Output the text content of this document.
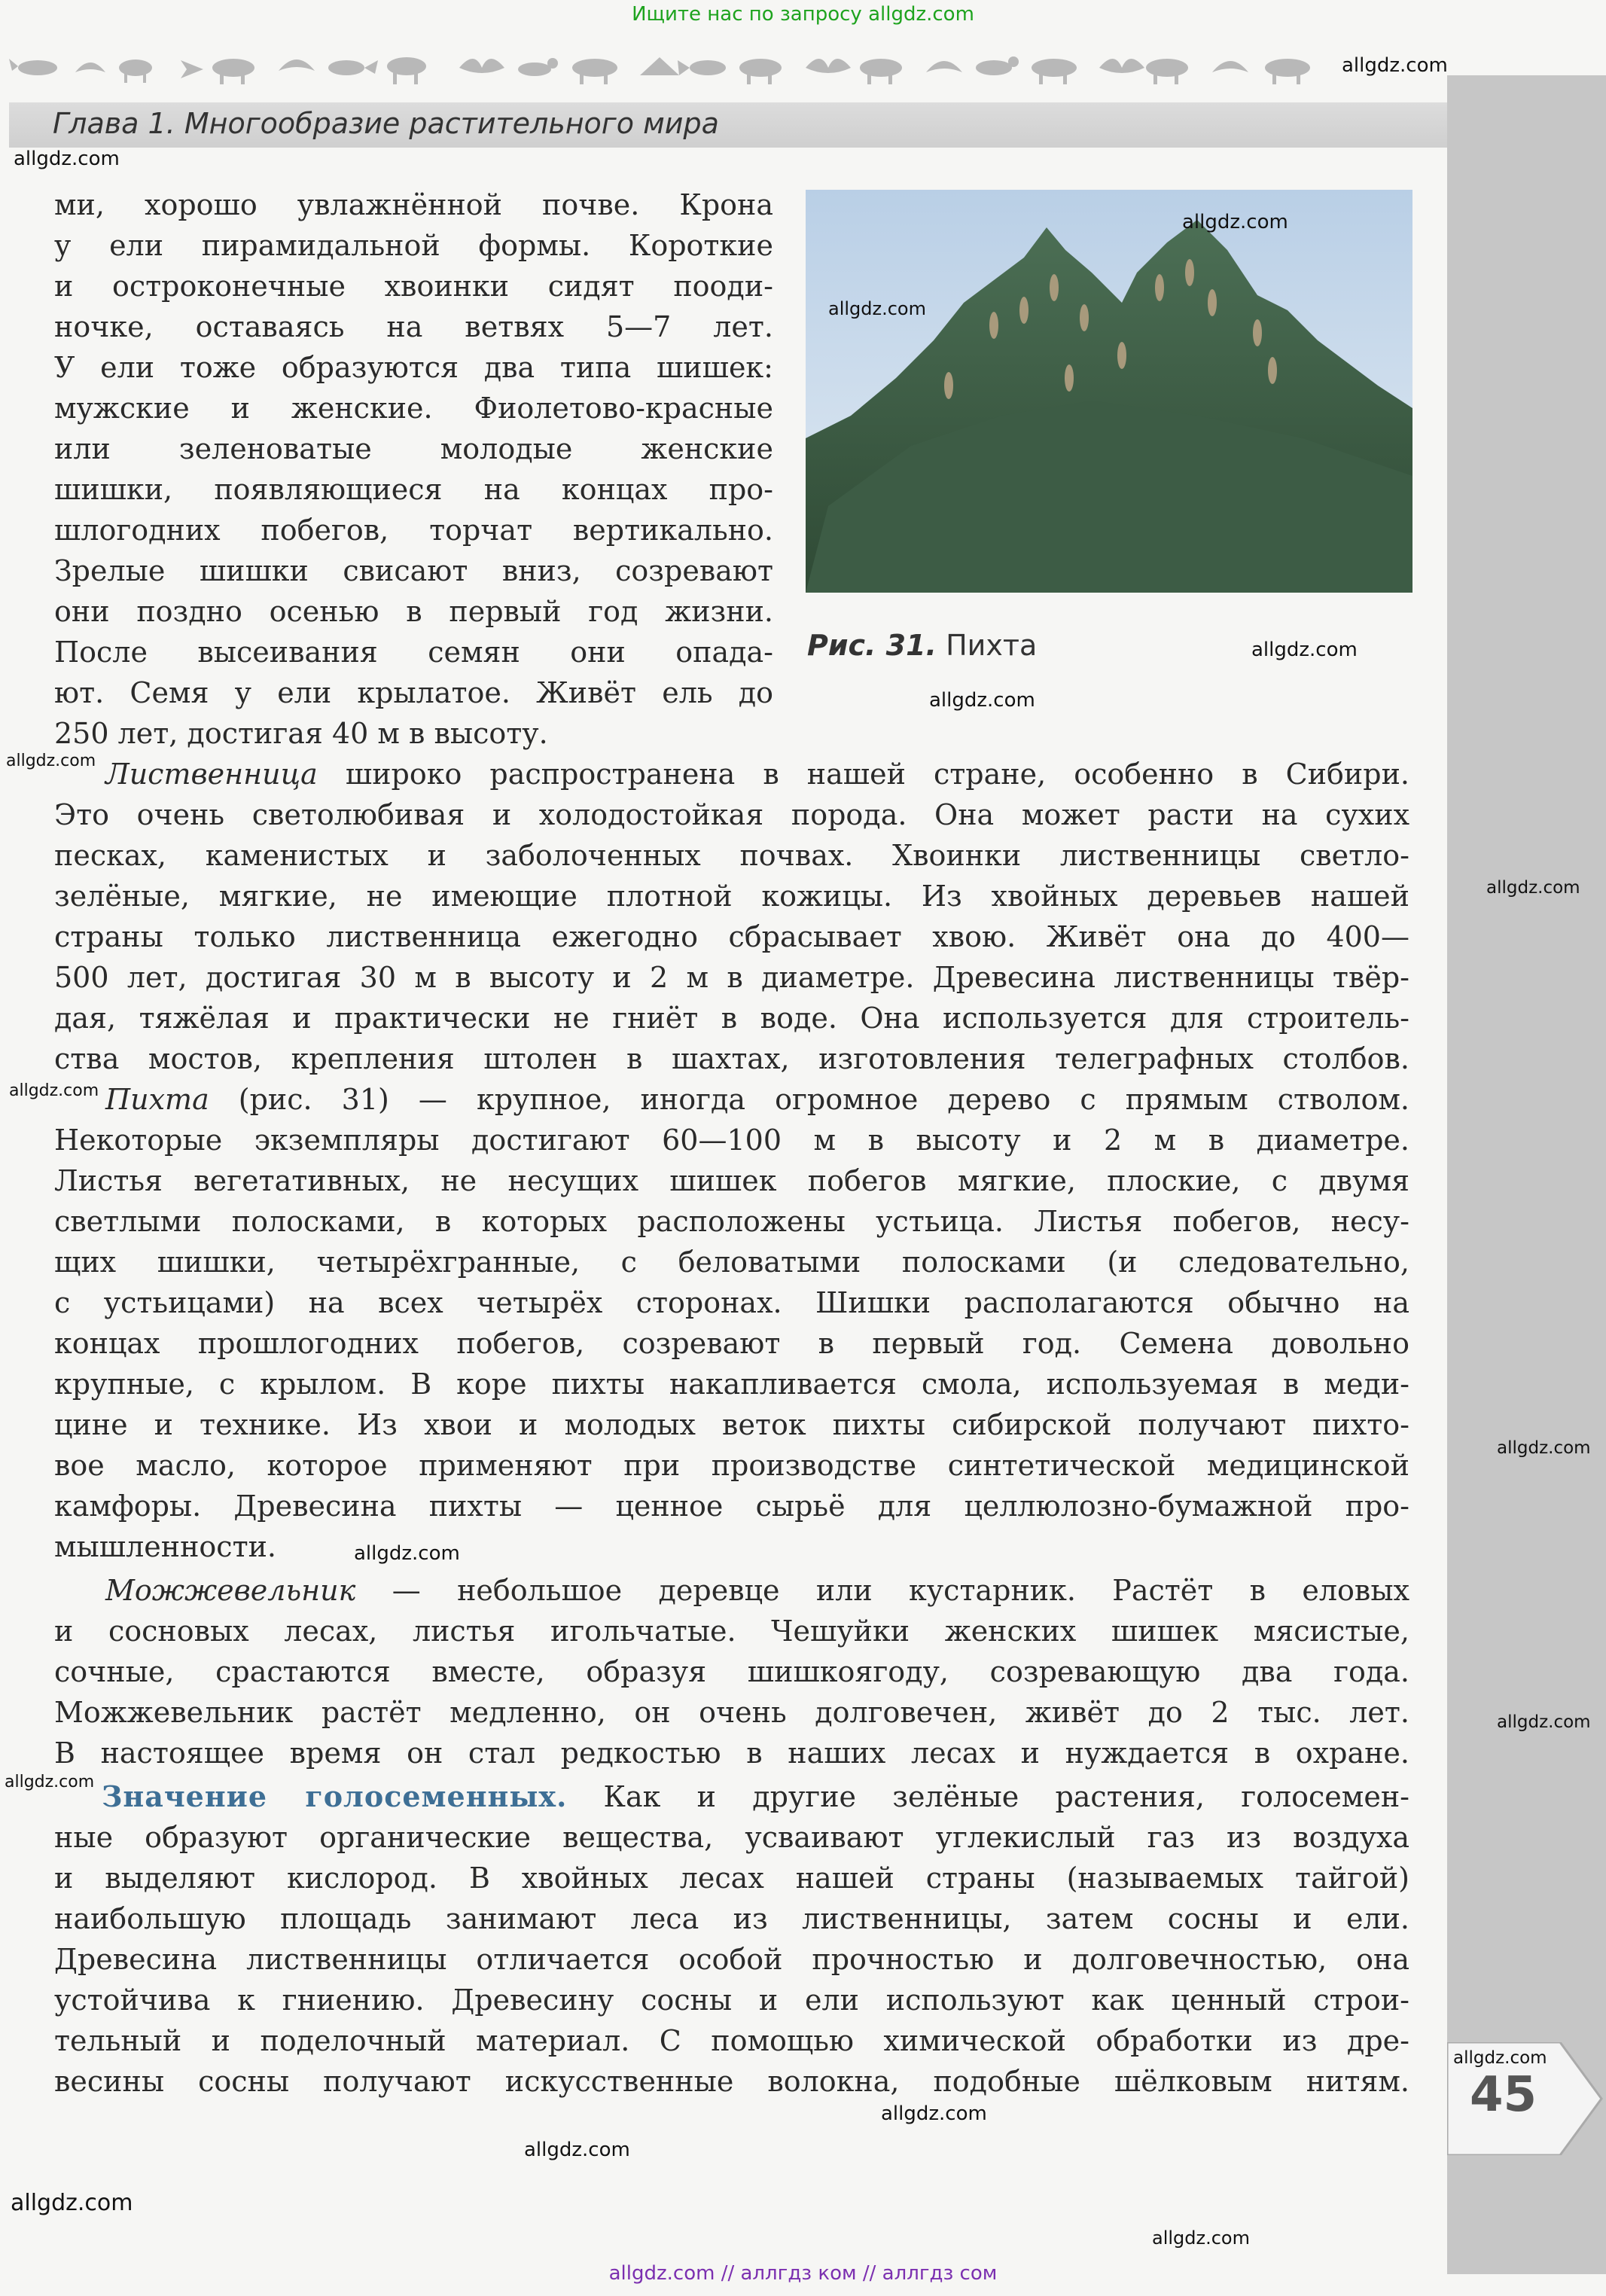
Ищите нас по запросу allgdz.com
Глава 1. Многообразие растительного мира
45
Рис. 31. Пихта
ми, хорошо увлажнённой почве. Крона
у ели пирамидальной формы. Короткие
и остроконечные хвоинки сидят пооди-
ночке, оставаясь на ветвях 5—7 лет.
У ели тоже образуются два типа шишек:
мужские и женские. Фиолетово-красные
или зеленоватые молодые женские
шишки, появляющиеся на концах про-
шлогодних побегов, торчат вертикально.
Зрелые шишки свисают вниз, созревают
они поздно осенью в первый год жизни.
После высеивания семян они опада-
ют. Семя у ели крылатое. Живёт ель до
250 лет, достигая 40 м в высоту.
Лиственница широко распространена в нашей стране, особенно в Сибири.
Это очень светолюбивая и холодостойкая порода. Она может расти на сухих
песках, каменистых и заболоченных почвах. Хвоинки лиственницы светло-
зелёные, мягкие, не имеющие плотной кожицы. Из хвойных деревьев нашей
страны только лиственница ежегодно сбрасывает хвою. Живёт она до 400—
500 лет, достигая 30 м в высоту и 2 м в диаметре. Древесина лиственницы твёр-
дая, тяжёлая и практически не гниёт в воде. Она используется для строитель-
ства мостов, крепления штолен в шахтах, изготовления телеграфных столбов.
Пихта (рис. 31) — крупное, иногда огромное дерево с прямым стволом.
Некоторые экземпляры достигают 60—100 м в высоту и 2 м в диаметре.
Листья вегетативных, не несущих шишек побегов мягкие, плоские, с двумя
светлыми полосками, в которых расположены устьица. Листья побегов, несу-
щих шишки, четырёхгранные, с беловатыми полосками (и следовательно,
с устьицами) на всех четырёх сторонах. Шишки располагаются обычно на
концах прошлогодних побегов, созревают в первый год. Семена довольно
крупные, с крылом. В коре пихты накапливается смола, используемая в меди-
цине и технике. Из хвои и молодых веток пихты сибирской получают пихто-
вое масло, которое применяют при производстве синтетической медицинской
камфоры. Древесина пихты — ценное сырьё для целлюлозно-бумажной про-
мышленности.
Можжевельник — небольшое деревце или кустарник. Растёт в еловых
и сосновых лесах, листья игольчатые. Чешуйки женских шишек мясистые,
сочные, срастаются вместе, образуя шишкоягоду, созревающую два года.
Можжевельник растёт медленно, он очень долговечен, живёт до 2 тыс. лет.
В настоящее время он стал редкостью в наших лесах и нуждается в охране.
Значение голосеменных. Как и другие зелёные растения, голосемен-
ные образуют органические вещества, усваивают углекислый газ из воздуха
и выделяют кислород. В хвойных лесах нашей страны (называемых тайгой)
наибольшую площадь занимают леса из лиственницы, затем сосны и ели.
Древесина лиственницы отличается особой прочностью и долговечностью, она
устойчива к гниению. Древесину сосны и ели используют как ценный строи-
тельный и поделочный материал. С помощью химической обработки из дре-
весины сосны получают искусственные волокна, подобные шёлковым нитям.
allgdz.com
allgdz.com
allgdz.com
allgdz.com
allgdz.com
allgdz.com
allgdz.com
allgdz.com
allgdz.com
allgdz.com
allgdz.com
allgdz.com
allgdz.com
allgdz.com
allgdz.com
allgdz.com
allgdz.com
allgdz.com
allgdz.com // аллгдз ком // аллгдз сом
